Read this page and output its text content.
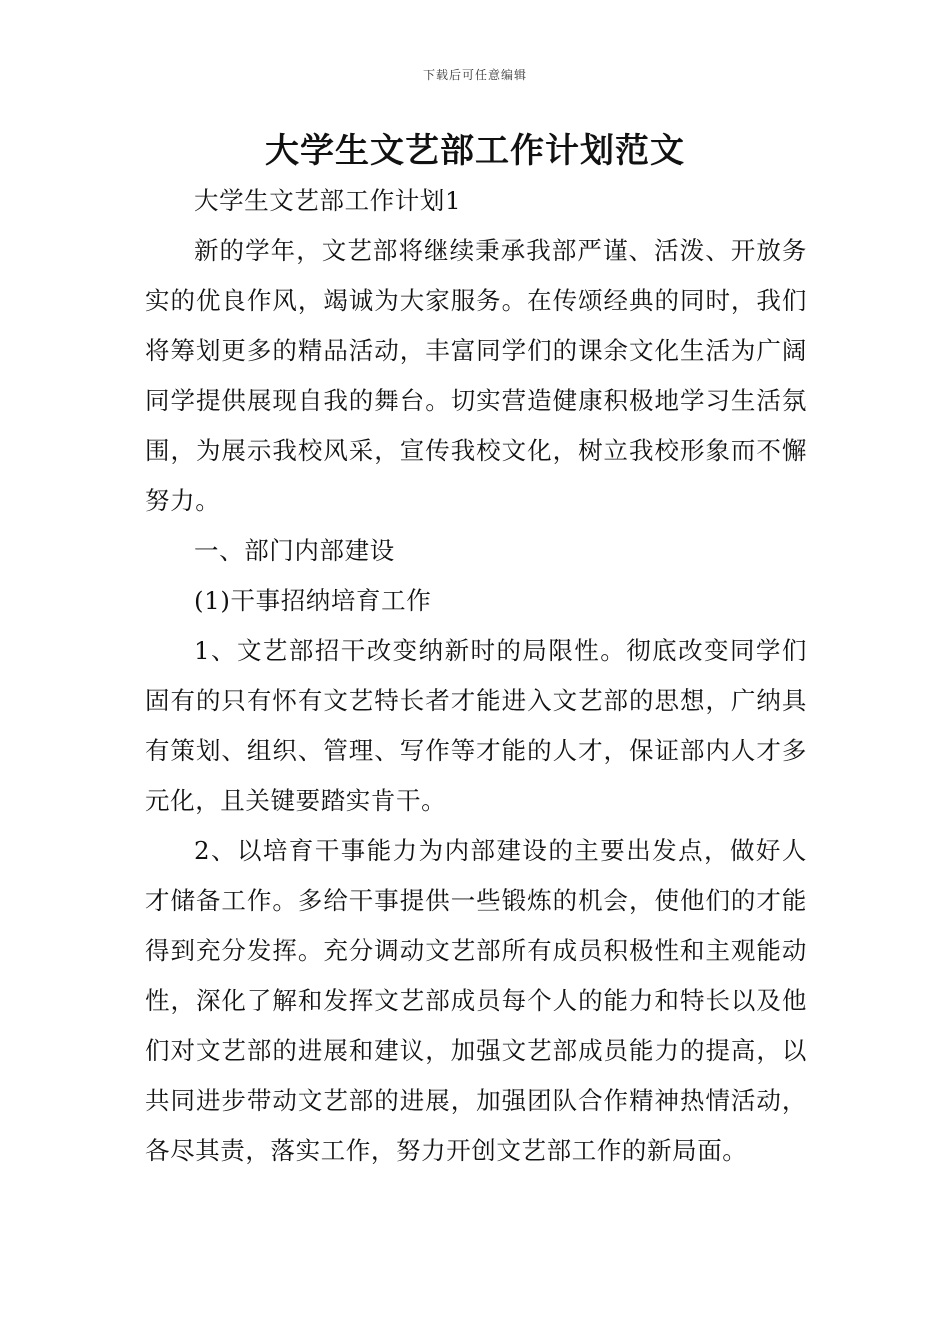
下载后可任意编辑
大学生文艺部工作计划范文

大学生文艺部工作计划1

新的学年，文艺部将继续秉承我部严谨、活泼、开放务实的优良作风，竭诚为大家服务。在传颂经典的同时，我们将筹划更多的精品活动，丰富同学们的课余文化生活为广阔同学提供展现自我的舞台。切实营造健康积极地学习生活氛围，为展示我校风采，宣传我校文化，树立我校形象而不懈努力。

一、部门内部建设

(1)干事招纳培育工作

1、文艺部招干改变纳新时的局限性。彻底改变同学们固有的只有怀有文艺特长者才能进入文艺部的思想，广纳具有策划、组织、管理、写作等才能的人才，保证部内人才多元化，且关键要踏实肯干。

2、以培育干事能力为内部建设的主要出发点，做好人才储备工作。多给干事提供一些锻炼的机会，使他们的才能得到充分发挥。充分调动文艺部所有成员积极性和主观能动性，深化了解和发挥文艺部成员每个人的能力和特长以及他们对文艺部的进展和建议，加强文艺部成员能力的提高，以共同进步带动文艺部的进展，加强团队合作精神热情活动，各尽其责，落实工作，努力开创文艺部工作的新局面。
